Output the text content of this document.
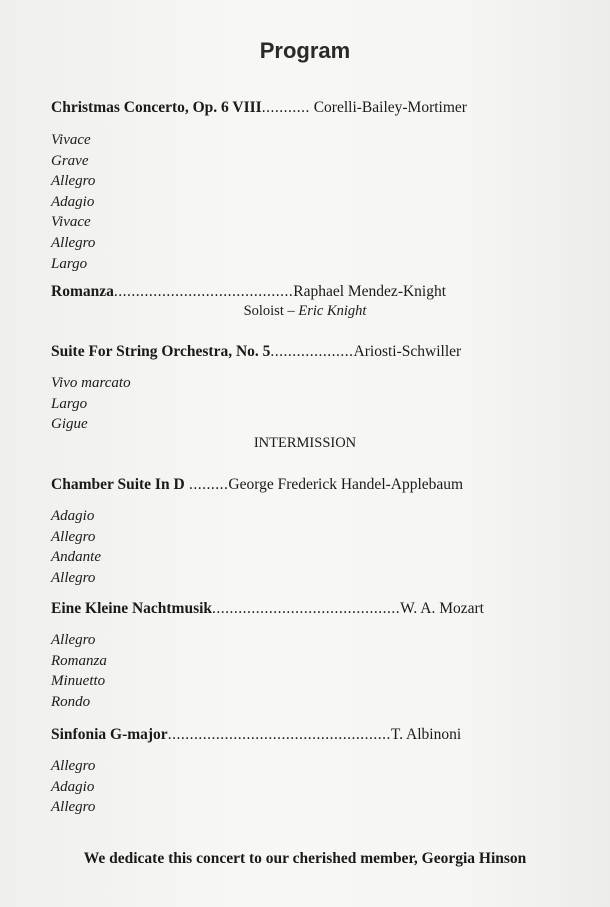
Program
Christmas Concerto, Op. 6 VIII........... Corelli-Bailey-Mortimer
Vivace
Grave
Allegro
Adagio
Vivace
Allegro
Largo
Romanza.........................................Raphael Mendez-Knight
Soloist – Eric Knight
Suite For String Orchestra, No. 5...................Ariosti-Schwiller
Vivo marcato
Largo
Gigue
INTERMISSION
Chamber Suite In D .........George Frederick Handel-Applebaum
Adagio
Allegro
Andante
Allegro
Eine Kleine Nachtmusik...........................................W. A. Mozart
Allegro
Romanza
Minuetto
Rondo
Sinfonia G-major...................................................T. Albinoni
Allegro
Adagio
Allegro
We dedicate this concert to our cherished member, Georgia Hinson
